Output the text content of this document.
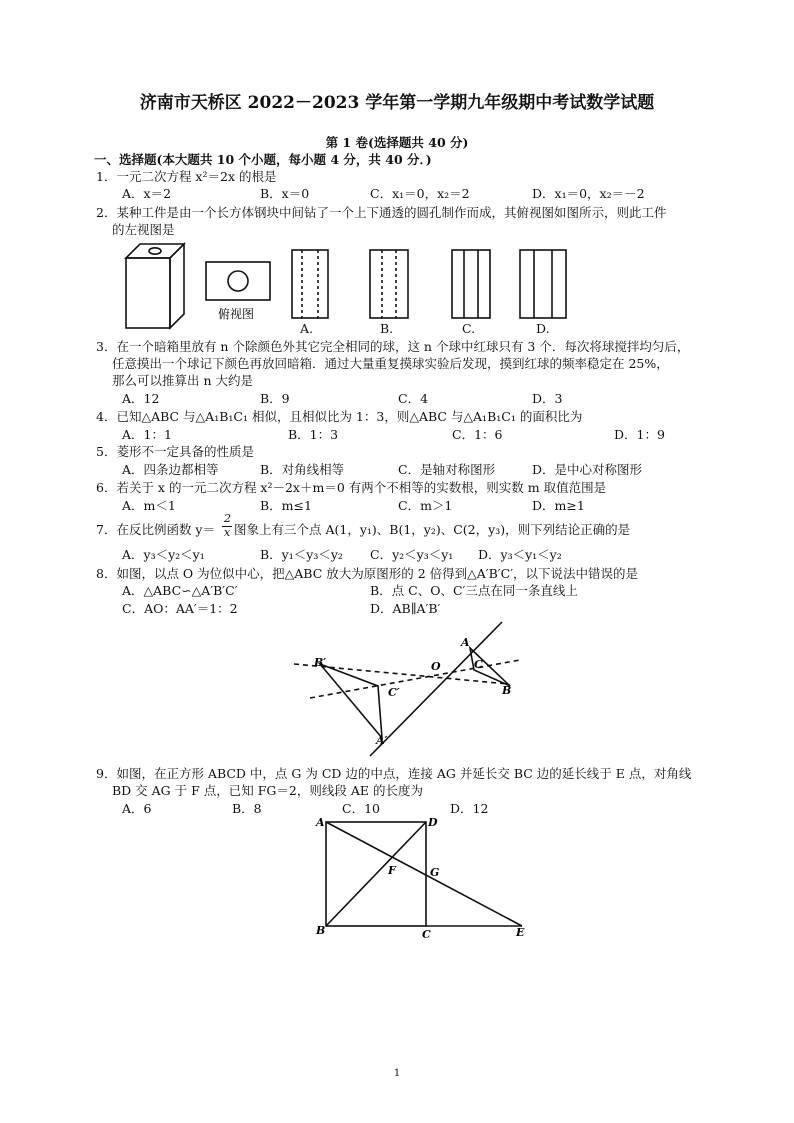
济南市天桥区 2022－2023 学年第一学期九年级期中考试数学试题
第 1 卷(选择题共 40 分)
一、选择题(本大题共 10 个小题，每小题 4 分，共 40 分．)
1．一元二次方程 x²＝2x 的根是
A．x＝2	B．x＝0	C．x₁＝0，x₂＝2	D．x₁＝0，x₂＝－2
2．某种工件是由一个长方体钢块中间钻了一个上下通透的圆孔制作而成，其俯视图如图所示，则此工件
的左视图是
俯视图
A.	B.	C.	D.
3．在一个暗箱里放有 n 个除颜色外其它完全相同的球，这 n 个球中红球只有 3 个．每次将球搅拌均匀后，
任意摸出一个球记下颜色再放回暗箱．通过大量重复摸球实验后发现，摸到红球的频率稳定在 25%，
那么可以推算出 n 大约是
A．12	B．9	C．4	D．3
4．已知△ABC 与△A₁B₁C₁ 相似，且相似比为 1：3，则△ABC 与△A₁B₁C₁ 的面积比为
A．1：1	B．1：3	C．1：6	D．1：9
5．菱形不一定具备的性质是
A．四条边都相等	B．对角线相等	C．是轴对称图形	D．是中心对称图形
6．若关于 x 的一元二次方程 x²－2x＋m＝0 有两个不相等的实数根，则实数 m 取值范围是
A．m＜1	B．m≤1	C．m＞1	D．m≥1
7．在反比例函数 y＝
2
x 图象上有三个点 A(1，y₁)、B(1，y₂)、C(2，y₃)，则下列结论正确的是
A．y₃＜y₂＜y₁	B．y₁＜y₃＜y₂ C．y₂＜y₃＜y₁ D．y₃＜y₁＜y₂
8．如图，以点 O 为位似中心，把△ABC 放大为原图形的 2 倍得到△A′B′C′，以下说法中错误的是
A．△ABC∽△A′B′C′	B．点 C、O、C′三点在同一条直线上
C．AO：AA′＝1：2	D．AB∥A′B′
B′
C′
A′
O
A
C
B
9．如图，在正方形 ABCD 中，点 G 为 CD 边的中点，连接 AG 并延长交 BC 边的延长线于 E 点，对角线
BD 交 AG 于 F 点，已知 FG＝2，则线段 AE 的长度为
A．6	B．8	C．10	D．12
A	D
B	C	E
F	G
1
